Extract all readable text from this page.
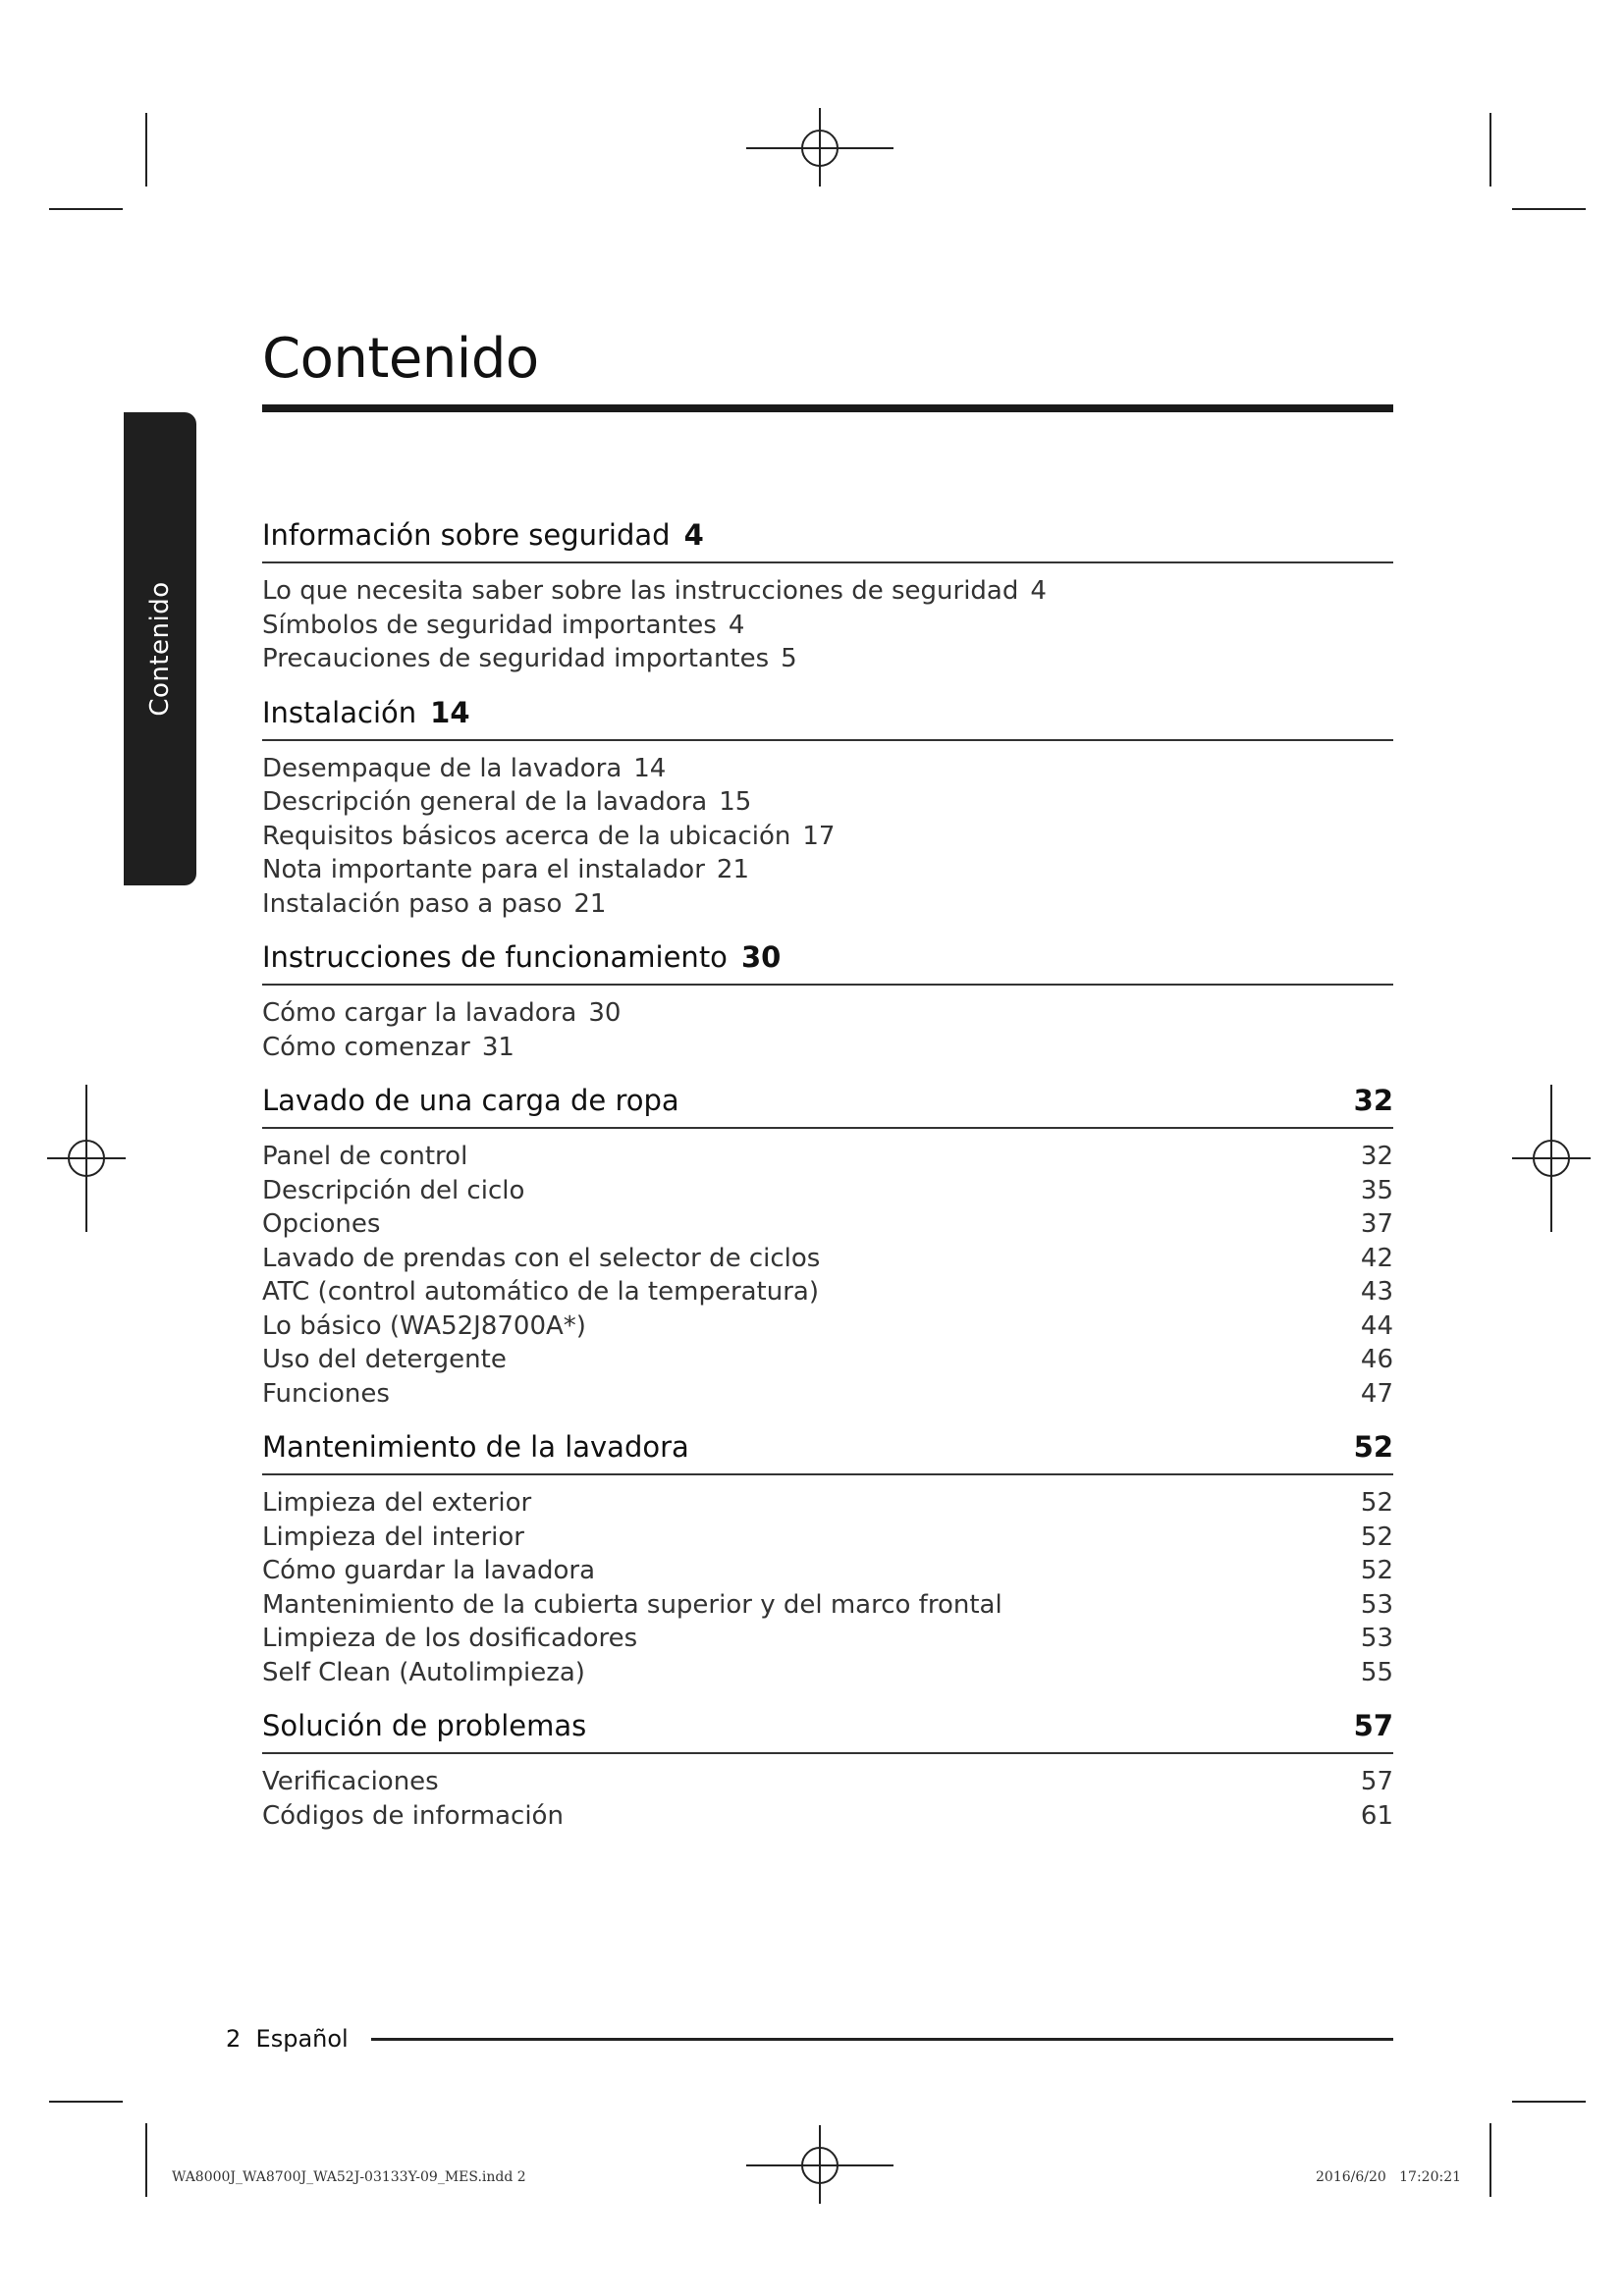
Contenido
Contenido
Información sobre seguridad 4
Lo que necesita saber sobre las instrucciones de seguridad 4
Símbolos de seguridad importantes 4
Precauciones de seguridad importantes 5
Instalación 14
Desempaque de la lavadora 14
Descripción general de la lavadora 15
Requisitos básicos acerca de la ubicación 17
Nota importante para el instalador 21
Instalación paso a paso 21
Instrucciones de funcionamiento 30
Cómo cargar la lavadora 30
Cómo comenzar 31
Lavado de una carga de ropa	32
Panel de control	32
Descripción del ciclo	35
Opciones	37
Lavado de prendas con el selector de ciclos	42
ATC (control automático de la temperatura)	43
Lo básico (WA52J8700A*)	44
Uso del detergente	46
Funciones	47
Mantenimiento de la lavadora	52
Limpieza del exterior	52
Limpieza del interior	52
Cómo guardar la lavadora	52
Mantenimiento de la cubierta superior y del marco frontal	53
Limpieza de los dosificadores	53
Self Clean (Autolimpieza)	55
Solución de problemas	57
Verificaciones	57
Códigos de información	61
2 Español
WA8000J_WA8700J_WA52J-03133Y-09_MES.indd 2	2016/6/20   17:20:21
